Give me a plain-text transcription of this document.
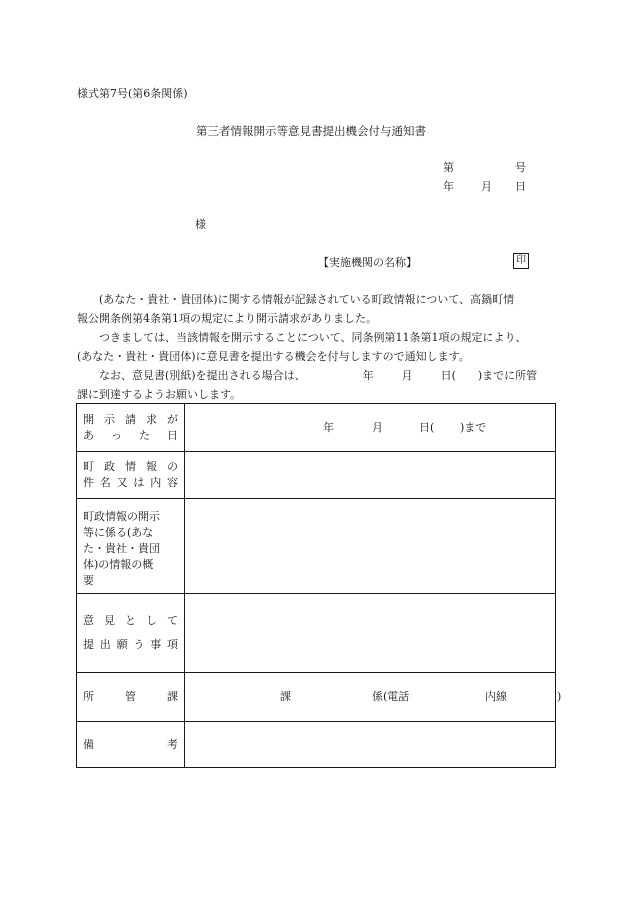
様式第7号(第6条関係)
第三者情報開示等意見書提出機会付与通知書
第	号
年 月 日
様
【実施機関の名称】	印
(あなた・貴社・貴団体)に関する情報が記録されている町政情報について、高鍋町情
報公開条例第4条第1項の規定により開示請求がありました。
つきましては、当該情報を開示することについて、同条例第11条第1項の規定により、
(あなた・貴社・貴団体)に意見書を提出する機会を付与しますので通知します。
なお、意見書(別紙)を提出される場合は、	年	月	日(　　)までに所管
課に到達するようお願いします。
開示請求が
あった日	年 月 日( )まで

町政情報の
件名又は内容	

町政情報の開示
等に係る(あな
た・貴社・貴団
体)の情報の概
要	

意見として
提出願う事項	

所管課	課 係(電話 内線 )

備考	
